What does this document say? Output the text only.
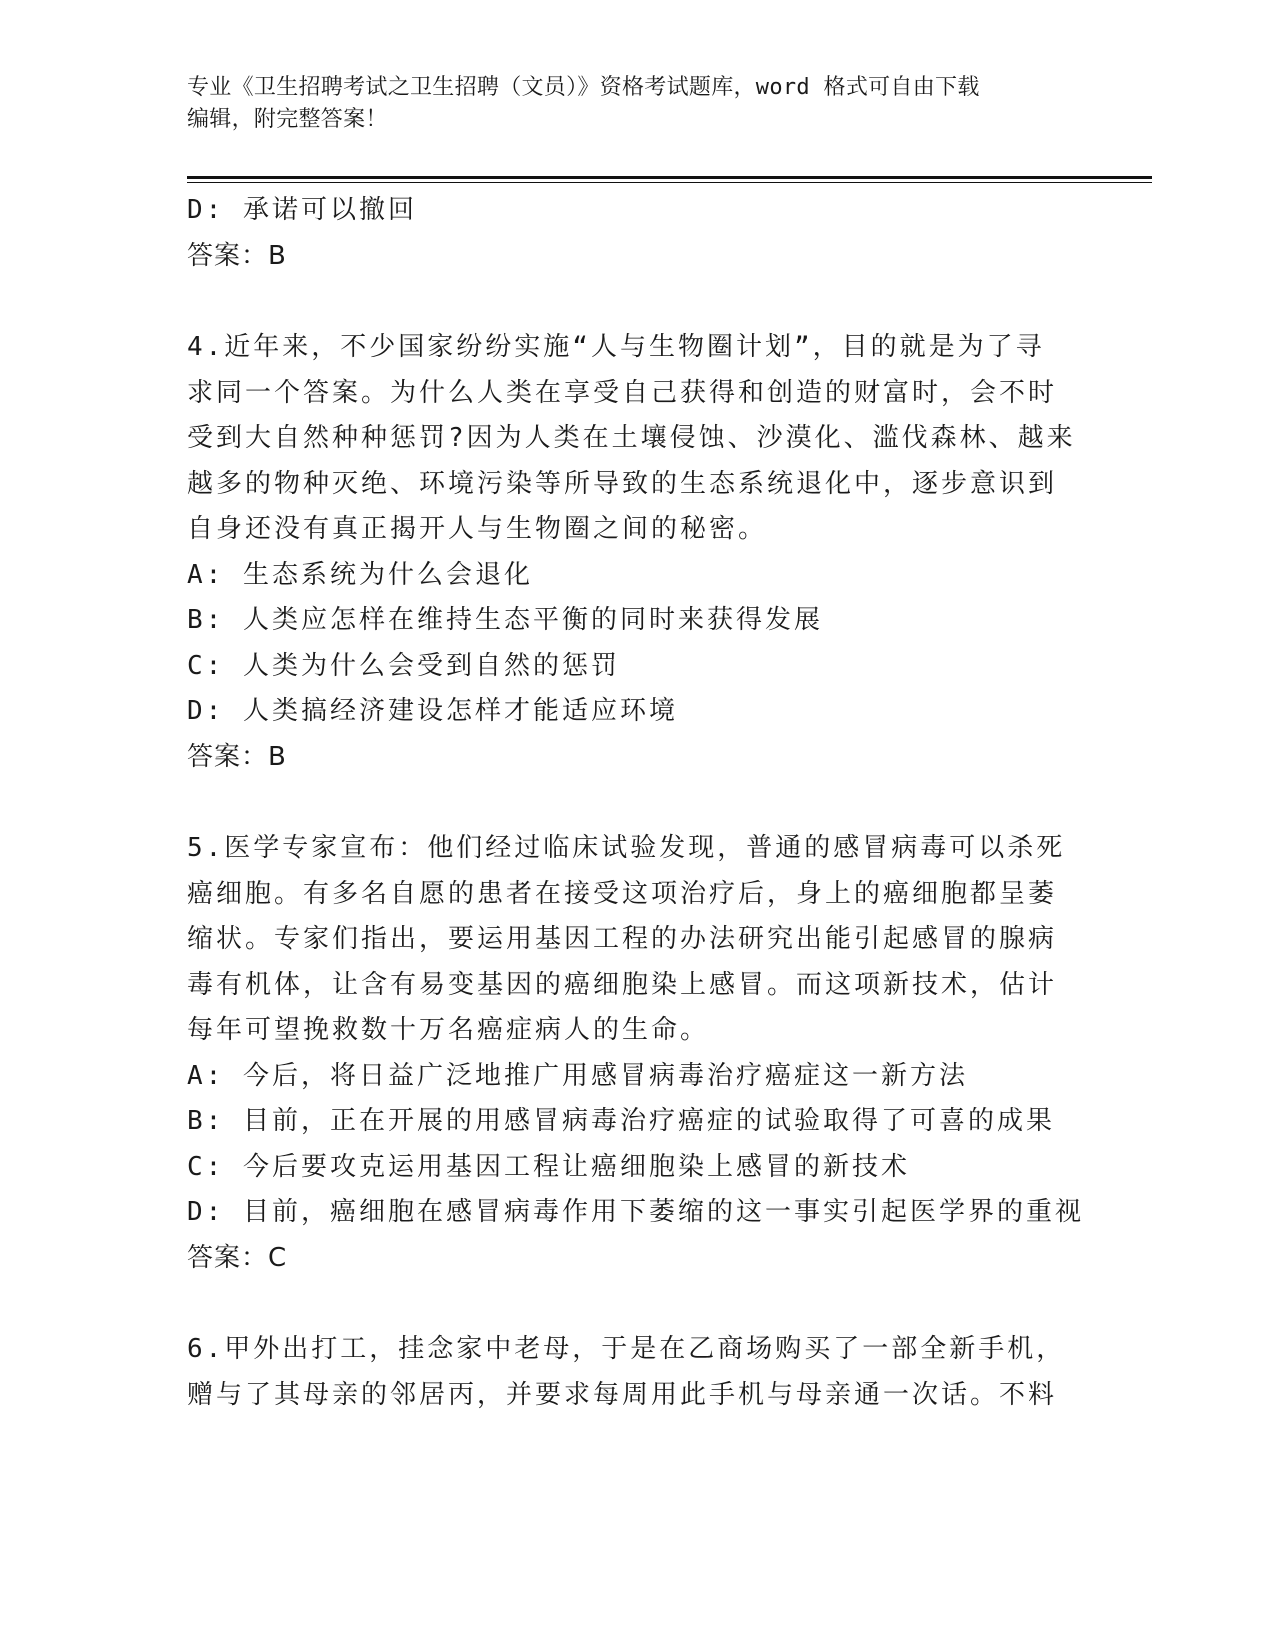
专业《卫生招聘考试之卫生招聘（文员）》资格考试题库，word 格式可自由下载
编辑，附完整答案！
D: 承诺可以撤回
答案：B
4.近年来，不少国家纷纷实施“人与生物圈计划”，目的就是为了寻
求同一个答案。为什么人类在享受自己获得和创造的财富时，会不时
受到大自然种种惩罚?因为人类在土壤侵蚀、沙漠化、滥伐森林、越来
越多的物种灭绝、环境污染等所导致的生态系统退化中，逐步意识到
自身还没有真正揭开人与生物圈之间的秘密。
A: 生态系统为什么会退化
B: 人类应怎样在维持生态平衡的同时来获得发展
C: 人类为什么会受到自然的惩罚
D: 人类搞经济建设怎样才能适应环境
答案：B
5.医学专家宣布：他们经过临床试验发现，普通的感冒病毒可以杀死
癌细胞。有多名自愿的患者在接受这项治疗后，身上的癌细胞都呈萎
缩状。专家们指出，要运用基因工程的办法研究出能引起感冒的腺病
毒有机体，让含有易变基因的癌细胞染上感冒。而这项新技术，估计
每年可望挽救数十万名癌症病人的生命。
A: 今后，将日益广泛地推广用感冒病毒治疗癌症这一新方法
B: 目前，正在开展的用感冒病毒治疗癌症的试验取得了可喜的成果
C: 今后要攻克运用基因工程让癌细胞染上感冒的新技术
D: 目前，癌细胞在感冒病毒作用下萎缩的这一事实引起医学界的重视
答案：C
6.甲外出打工，挂念家中老母，于是在乙商场购买了一部全新手机，
赠与了其母亲的邻居丙，并要求每周用此手机与母亲通一次话。不料
